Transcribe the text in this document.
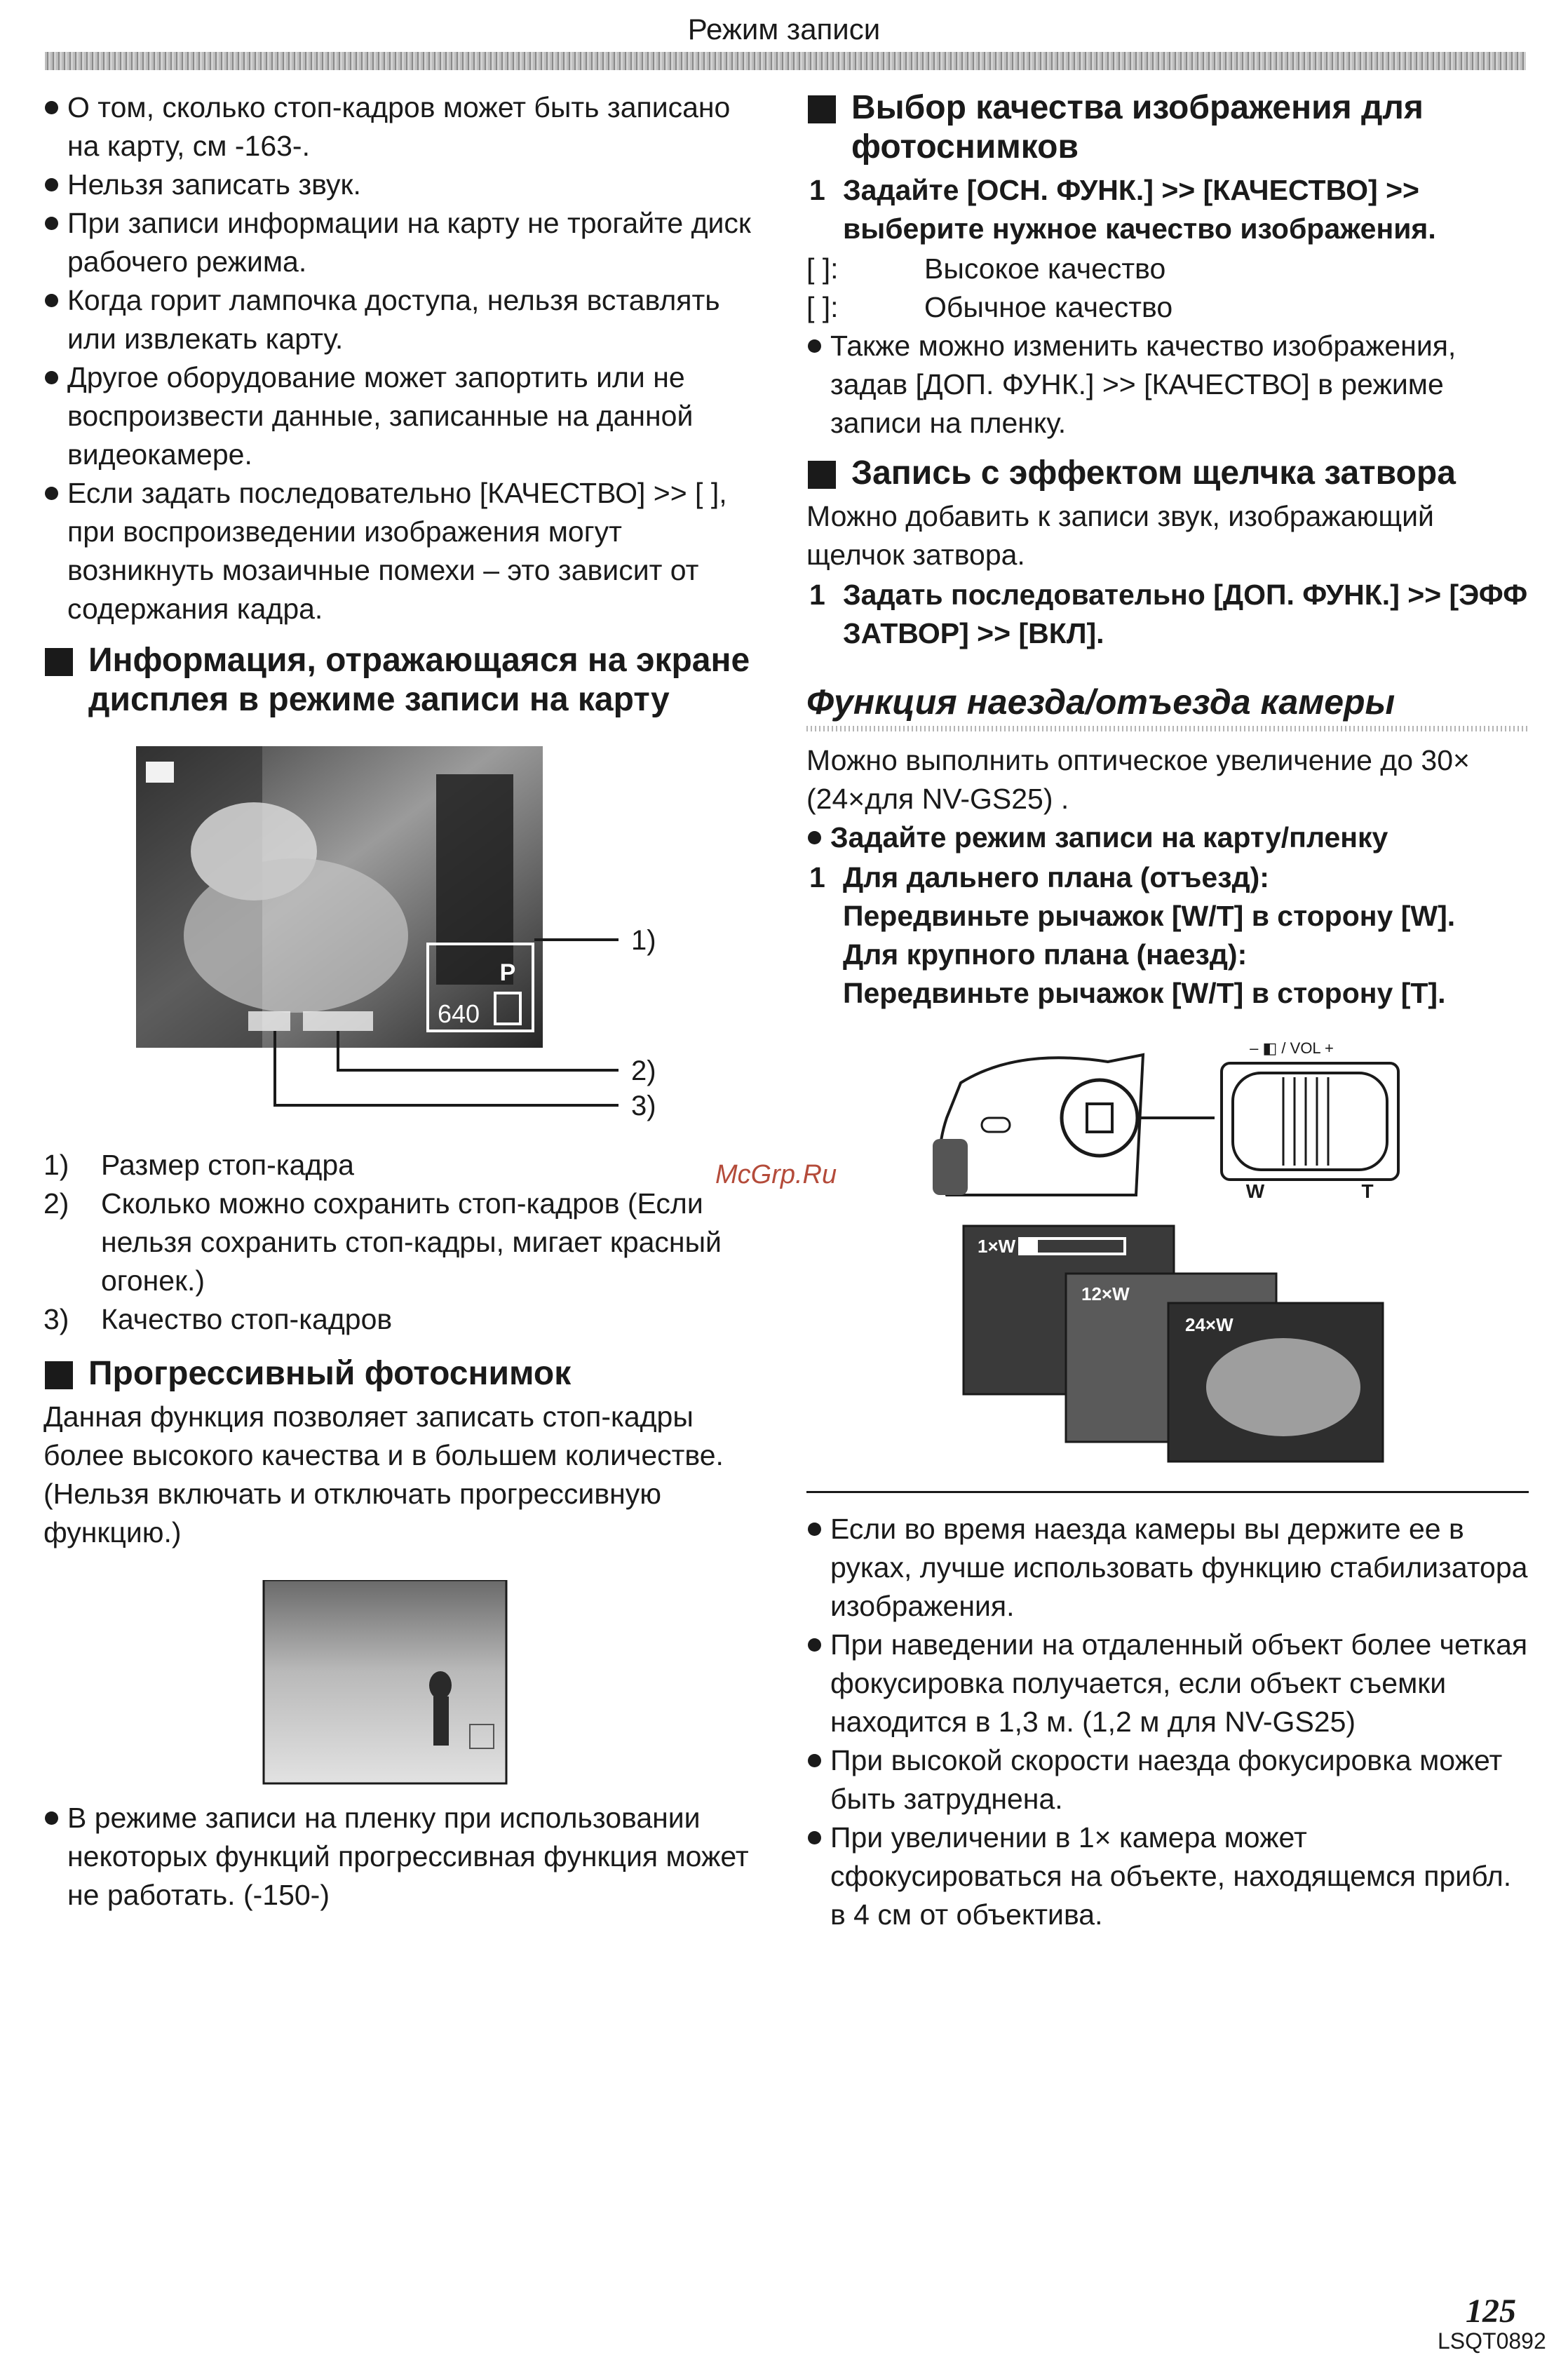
Режим записи
О том, сколько стоп-кадров может быть записано на карту, см -163-.
Нельзя записать звук.
При записи информации на карту не трогайте диск рабочего режима.
Когда горит лампочка доступа, нельзя вставлять или извлекать карту.
Другое оборудование может запортить или не воспроизвести данные, записанные на данной видеокамере.
Если задать последовательно [КАЧЕСТВО] >> [ ], при воспроизведении изображения могут возникнуть мозаичные помехи – это зависит от содержания кадра.
Информация, отражающаяся на экране дисплея в режиме записи на карту
P
640
1)
2)
3)
1) Размер стоп-кадра
2) Сколько можно сохранить стоп-кадров (Если нельзя сохранить стоп-кадры, мигает красный огонек.)
3) Качество стоп-кадров
Прогрессивный фотоснимок

Данная функция позволяет записать стоп-кадры более высокого качества и в большем количестве. (Нельзя включать и отключать прогрессивную функцию.)

В режиме записи на пленку при использовании некоторых функций прогрессивная функция может не работать. (-150-)
Выбор качества изображения для фотоснимков
1 Задайте [ОСН. ФУНК.] >> [КАЧЕСТВО] >> выберите нужное качество изображения.
[ ]:	Высокое качество
[ ]:	Обычное качество
Также можно изменить качество изображения, задав [ДОП. ФУНК.] >> [КАЧЕСТВО] в режиме записи на пленку.
Запись с эффектом щелчка затвора

Можно добавить к записи звук, изображающий щелчок затвора.

1 Задать последовательно [ДОП. ФУНК.] >> [ЭФФ ЗАТВОР] >> [ВКЛ].
Функция наезда/отъезда камеры

Можно выполнить оптическое увеличение до 30× (24×для NV-GS25) .

Задайте режим записи на карту/пленку
1 Для дальнего плана (отъезд):
Передвиньте рычажок [W/T] в сторону [W].
Для крупного плана (наезд):
Передвиньте рычажок [W/T] в сторону [T].
– ◧ / VOL +
W	T
1×W
12×W
24×W
Если во время наезда камеры вы держите ее в руках, лучше использовать функцию стабилизатора изображения.
При наведении на отдаленный объект более четкая фокусировка получается, если объект съемки находится в 1,3 м. (1,2 м для NV-GS25)
При высокой скорости наезда фокусировка может быть затруднена.
При увеличении в 1× камера может сфокусироваться на объекте, находящемся прибл. в 4 см от объектива.
McGrp.Ru
125
LSQT0892
